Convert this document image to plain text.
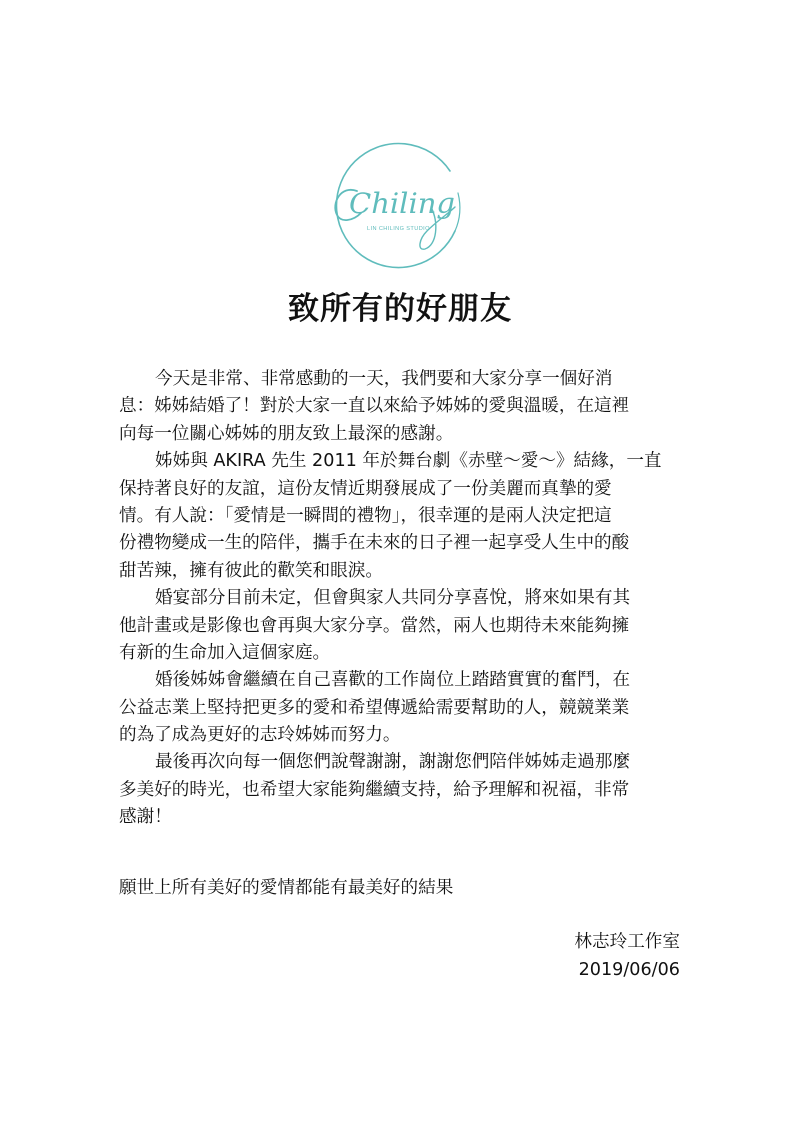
Chiling
LIN CHILING STUDIO
致所有的好朋友
今天是非常、非常感動的一天，我們要和大家分享一個好消
息：姊姊結婚了！對於大家一直以來給予姊姊的愛與溫暖，在這裡
向每一位關心姊姊的朋友致上最深的感謝。
姊姊與 AKIRA 先生 2011 年於舞台劇《赤壁～愛～》結緣，一直
保持著良好的友誼，這份友情近期發展成了一份美麗而真摯的愛
情。有人說：「愛情是一瞬間的禮物」，很幸運的是兩人決定把這
份禮物變成一生的陪伴，攜手在未來的日子裡一起享受人生中的酸
甜苦辣，擁有彼此的歡笑和眼淚。
婚宴部分目前未定，但會與家人共同分享喜悅，將來如果有其
他計畫或是影像也會再與大家分享。當然，兩人也期待未來能夠擁
有新的生命加入這個家庭。
婚後姊姊會繼續在自己喜歡的工作崗位上踏踏實實的奮鬥，在
公益志業上堅持把更多的愛和希望傳遞給需要幫助的人，競競業業
的為了成為更好的志玲姊姊而努力。
最後再次向每一個您們說聲謝謝，謝謝您們陪伴姊姊走過那麼
多美好的時光，也希望大家能夠繼續支持，給予理解和祝福，非常
感謝！
願世上所有美好的愛情都能有最美好的結果
林志玲工作室
2019/06/06
